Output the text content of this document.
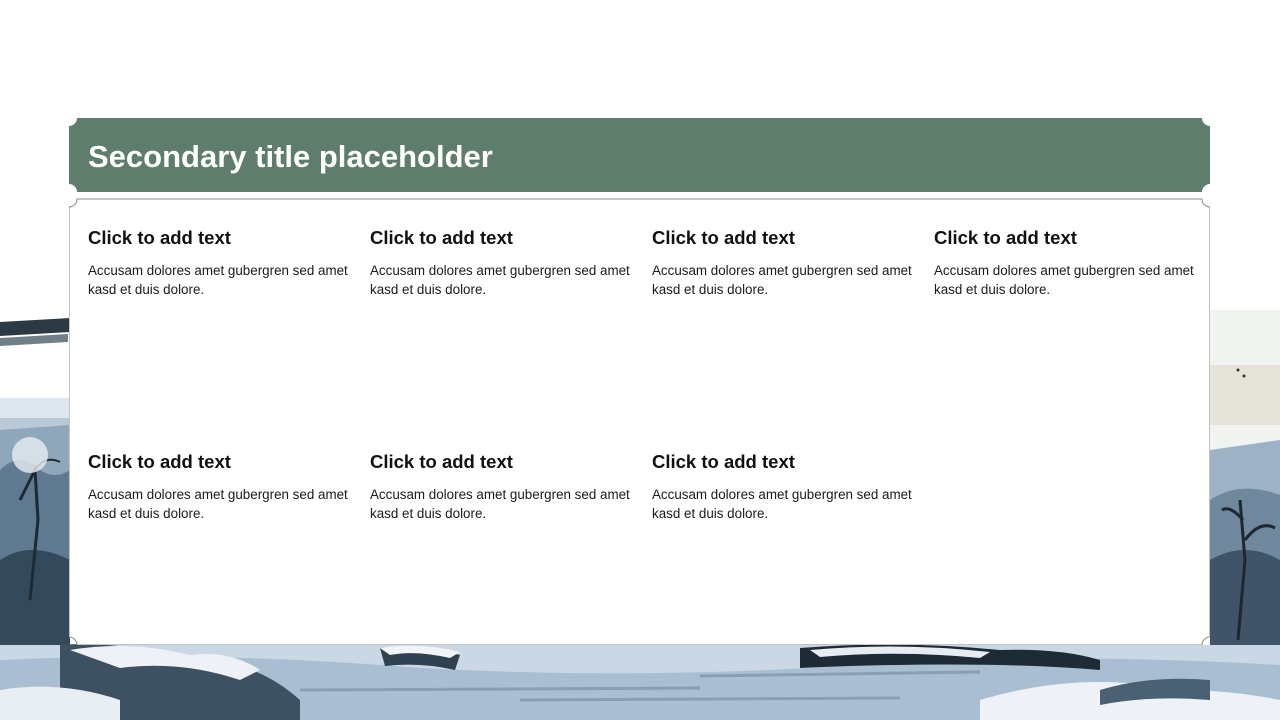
Secondary title placeholder
Click to add text
Accusam dolores amet gubergren sed amet kasd et duis dolore.
Click to add text
Accusam dolores amet gubergren sed amet kasd et duis dolore.
Click to add text
Accusam dolores amet gubergren sed amet kasd et duis dolore.
Click to add text
Accusam dolores amet gubergren sed amet kasd et duis dolore.
Click to add text
Accusam dolores amet gubergren sed amet kasd et duis dolore.
Click to add text
Accusam dolores amet gubergren sed amet kasd et duis dolore.
Click to add text
Accusam dolores amet gubergren sed amet kasd et duis dolore.
